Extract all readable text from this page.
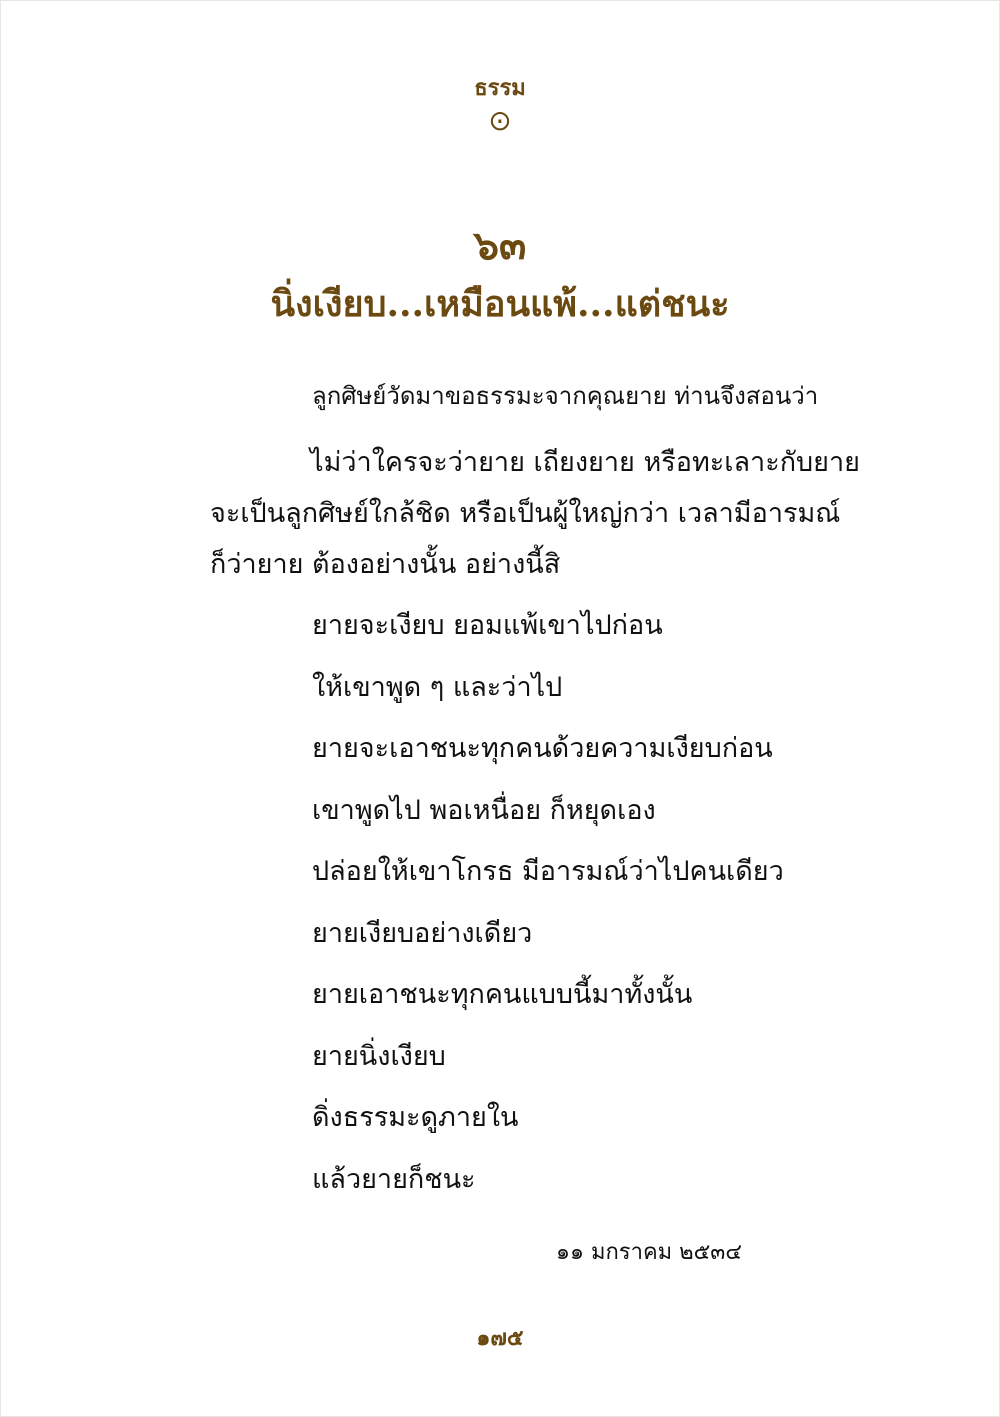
ธรรม
⊙
๖๓
นิ่งเงียบ...เหมือนแพ้...แต่ชนะ
ลูกศิษย์วัดมาขอธรรมะจากคุณยาย ท่านจึงสอนว่า
ไม่ว่าใครจะว่ายาย เถียงยาย หรือทะเลาะกับยาย
จะเป็นลูกศิษย์ใกล้ชิด หรือเป็นผู้ใหญ่กว่า เวลามีอารมณ์
ก็ว่ายาย ต้องอย่างนั้น อย่างนี้สิ
ยายจะเงียบ ยอมแพ้เขาไปก่อน
ให้เขาพูด ๆ และว่าไป
ยายจะเอาชนะทุกคนด้วยความเงียบก่อน
เขาพูดไป พอเหนื่อย ก็หยุดเอง
ปล่อยให้เขาโกรธ มีอารมณ์ว่าไปคนเดียว
ยายเงียบอย่างเดียว
ยายเอาชนะทุกคนแบบนี้มาทั้งนั้น
ยายนิ่งเงียบ
ดิ่งธรรมะดูภายใน
แล้วยายก็ชนะ
๑๑ มกราคม ๒๕๓๔
๑๗๕
